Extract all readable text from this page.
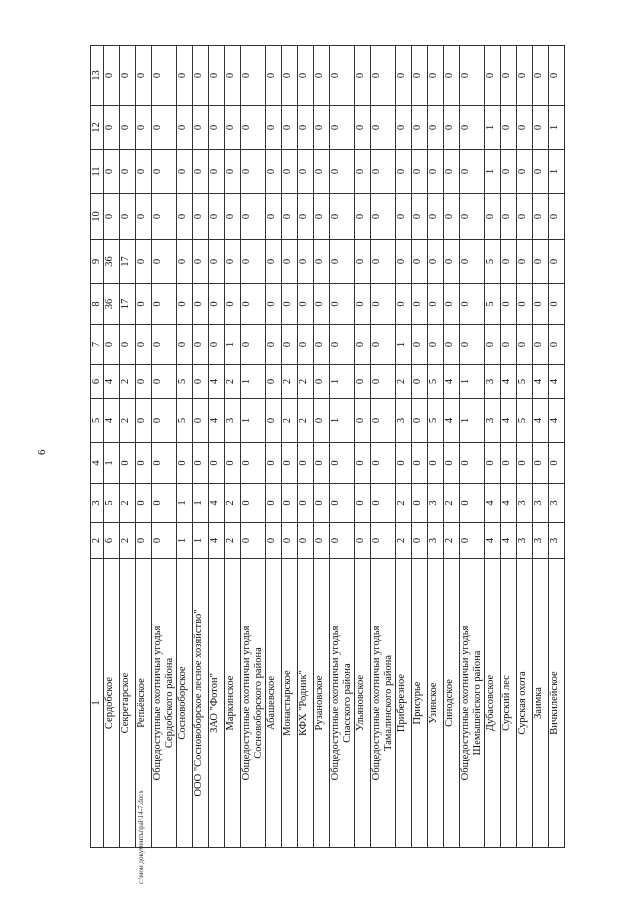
6
1	2	3	4	5	6	7	8	9	10	11	12	13

Сердобское	6	5	1	4	4	0	36	36	0	0	0	0

Секретарское	2	2	0	2	2	0	17	17	0	0	0	0

Репьёвское	0	0	0	0	0	0	0	0	0	0	0	0

Общедоступные охотничьи угодья Сердобского района	0	0	0	0	0	0	0	0	0	0	0	0

Сосновоборское	1	1	0	5	5	0	0	0	0	0	0	0

ООО "Сосновоборское лесное хозяйство"	1	1	0	0	0	0	0	0	0	0	0	0

ЗАО "Фотон"	4	4	0	4	4	0	0	0	0	0	0	0

Маркинское	2	2	0	3	2	1	0	0	0	0	0	0

Общедоступные охотничьи угодья Сосновоборского района	0	0	0	1	1	0	0	0	0	0	0	0

Абашевское	0	0	0	0	0	0	0	0	0	0	0	0

Монастырское	0	0	0	2	2	0	0	0	0	0	0	0

КФХ "Родник"	0	0	0	2	2	0	0	0	0	0	0	0

Рузановское	0	0	0	0	0	0	0	0	0	0	0	0

Общедоступные охотничьи угодья Спасского района	0	0	0	1	1	0	0	0	0	0	0	0

Ульяновское	0	0	0	0	0	0	0	0	0	0	0	0

Общедоступные охотничьи угодья Тамалинского района	0	0	0	0	0	0	0	0	0	0	0	0

Приберезное	2	2	0	3	2	1	0	0	0	0	0	0

Присурье	0	0	0	0	0	0	0	0	0	0	0	0

Узинское	3	3	0	5	5	0	0	0	0	0	0	0

Синодское	2	2	0	4	4	0	0	0	0	0	0	0

Общедоступные охотничьи угодья Шемышейского района	0	0	0	1	1	0	0	0	0	0	0	0

Дубасовское	4	4	0	3	3	0	5	5	0	1	1	0

Сурский лес	4	4	0	4	4	0	0	0	0	0	0	0

Сурская охота	3	3	0	5	5	0	0	0	0	0	0	0

Заимка	3	3	0	4	4	0	0	0	0	0	0	0

Вичкилейское	3	3	0	4	4	0	0	0	0	1	1	0
c:\мои документы\pal\14-7.docx
